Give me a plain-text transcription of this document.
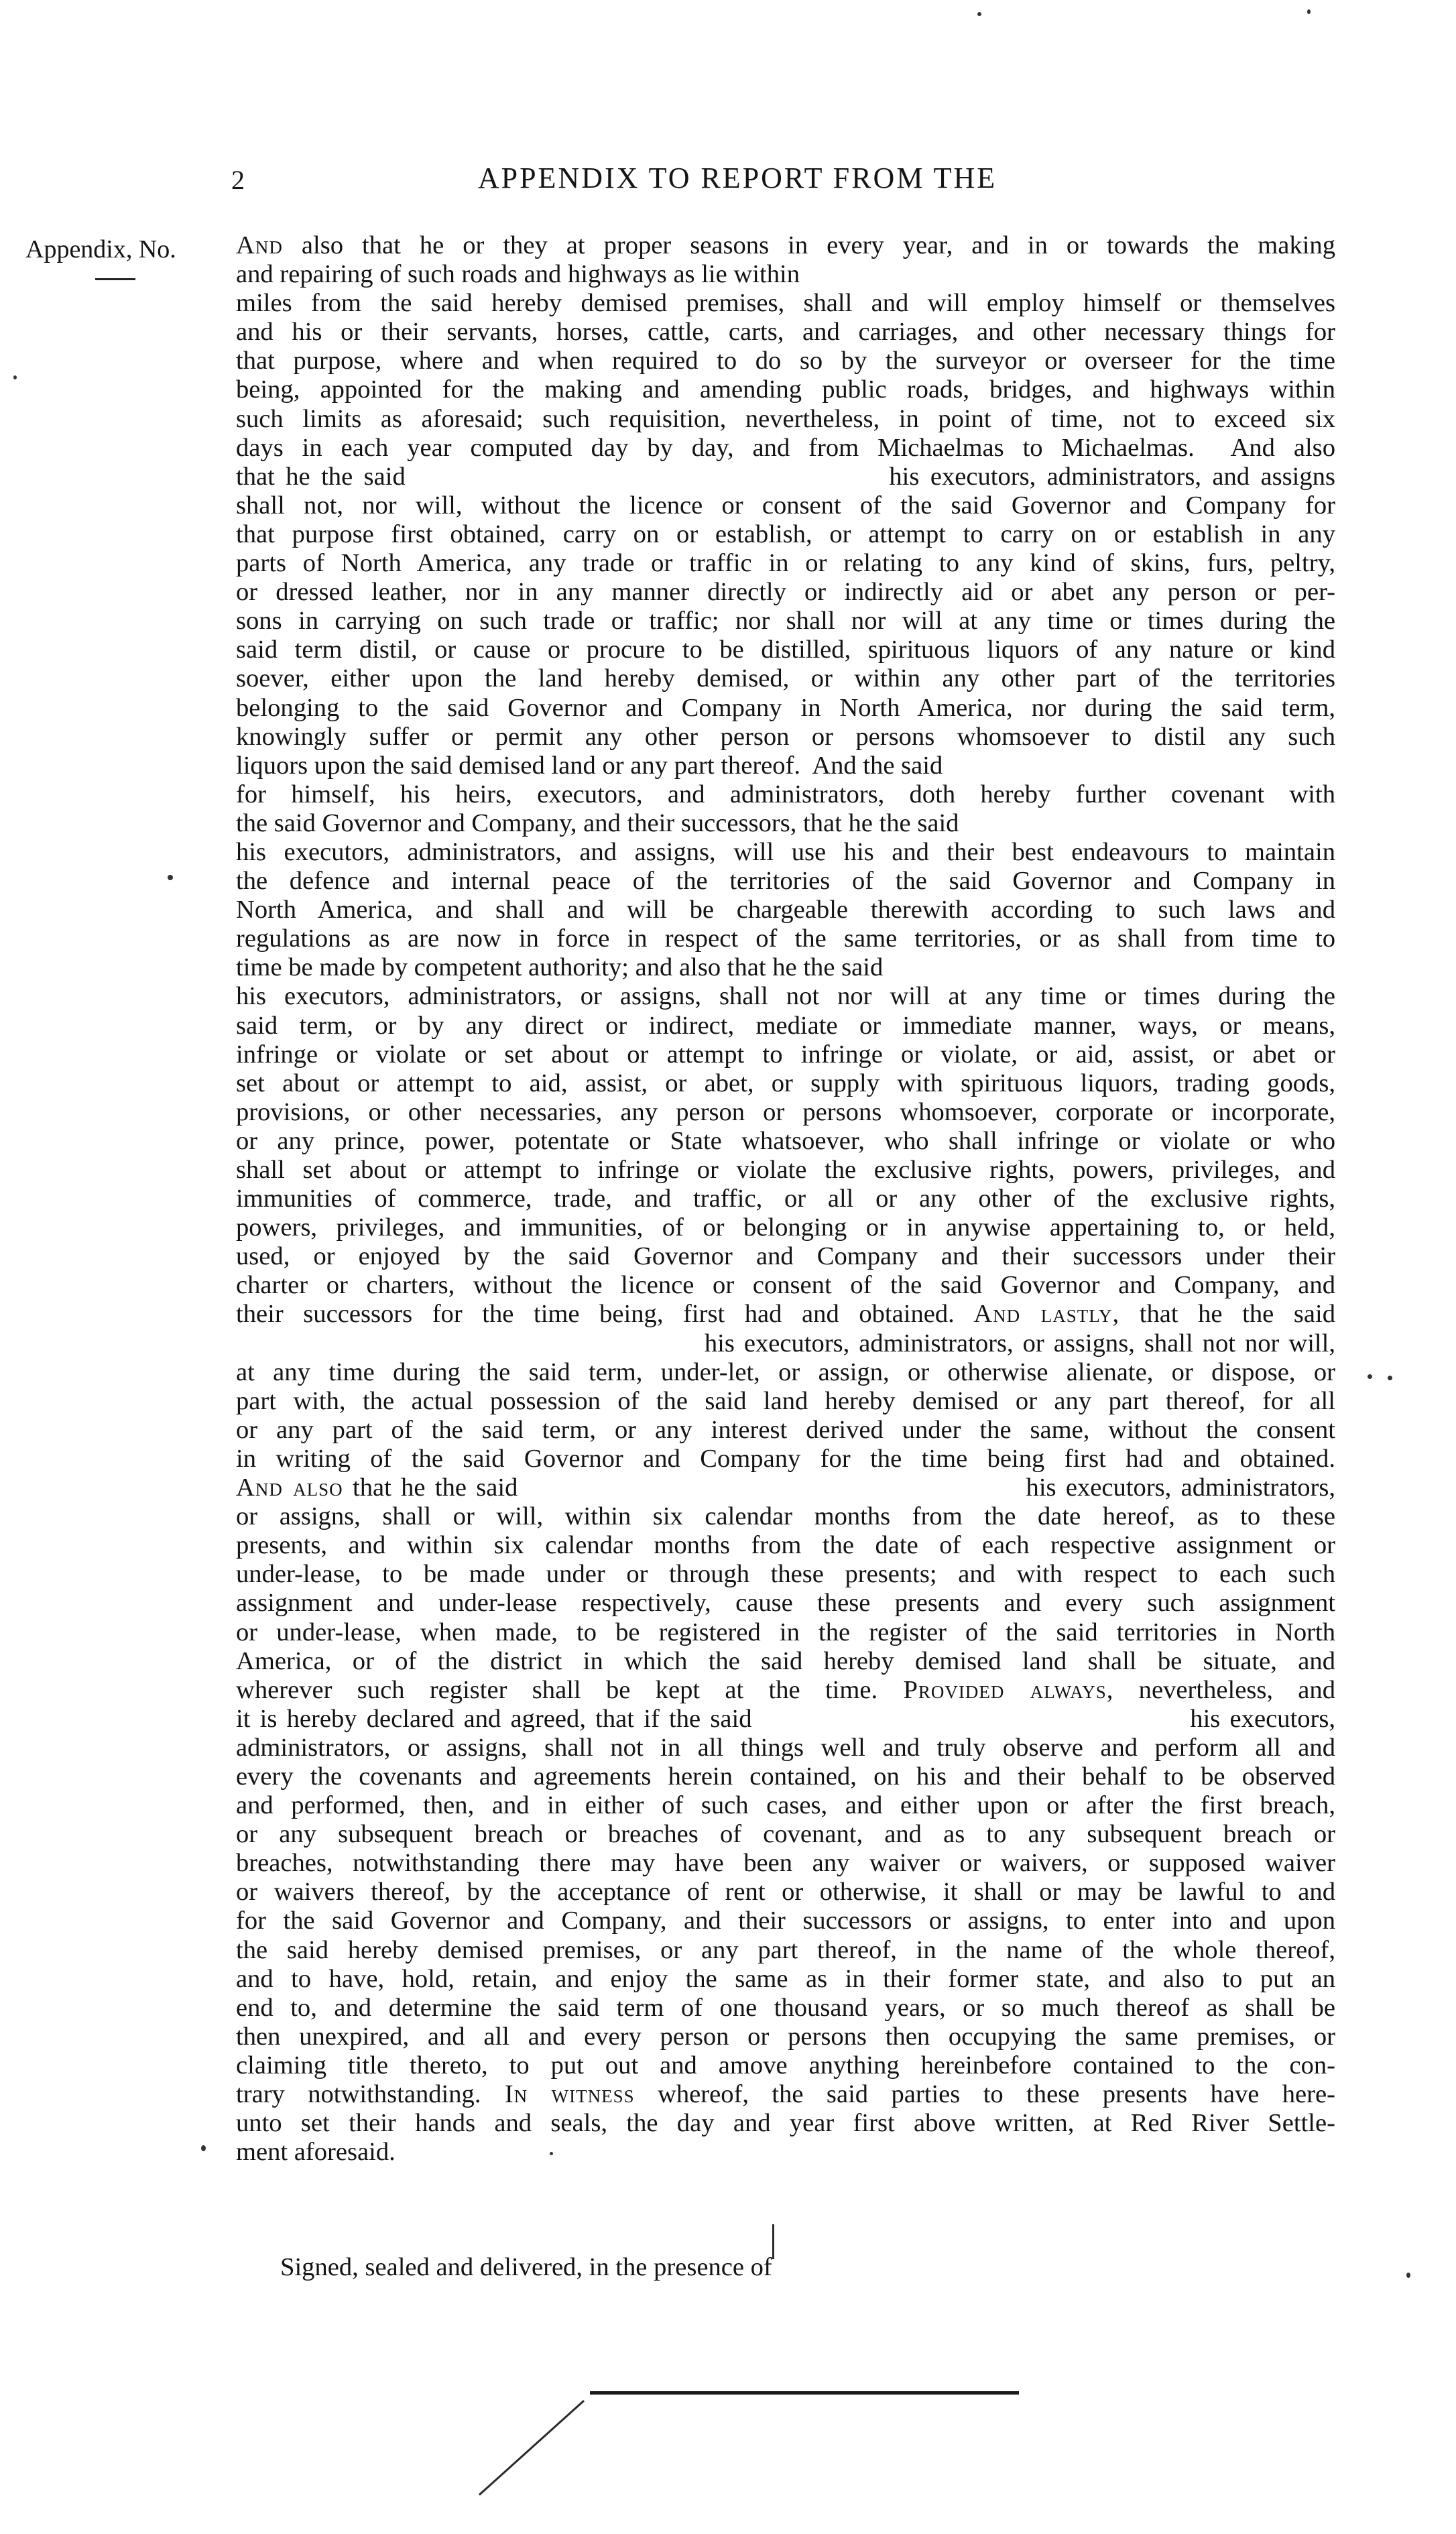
2	APPENDIX TO REPORT FROM THE
Appendix, No. And also that he or they at proper seasons in every year, and in or towards the making
and repairing of such roads and highways as lie within
miles from the said hereby demised premises, shall and will employ himself or themselves
and his or their servants, horses, cattle, carts, and carriages, and other necessary things for
that purpose, where and when required to do so by the surveyor or overseer for the time
being, appointed for the making and amending public roads, bridges, and highways within
such limits as aforesaid; such requisition, nevertheless, in point of time, not to exceed six
days in each year computed day by day, and from Michaelmas to Michaelmas.  And also
that he the said                                            his executors, administrators, and assigns
shall not, nor will, without the licence or consent of the said Governor and Company for
that purpose first obtained, carry on or establish, or attempt to carry on or establish in any
parts of North America, any trade or traffic in or relating to any kind of skins, furs, peltry,
or dressed leather, nor in any manner directly or indirectly aid or abet any person or per-
sons in carrying on such trade or traffic; nor shall nor will at any time or times during the
said term distil, or cause or procure to be distilled, spirituous liquors of any nature or kind
soever, either upon the land hereby demised, or within any other part of the territories
belonging to the said Governor and Company in North America, nor during the said term,
knowingly suffer or permit any other person or persons whomsoever to distil any such
liquors upon the said demised land or any part thereof.  And the said
for himself, his heirs, executors, and administrators, doth hereby further covenant with
the said Governor and Company, and their successors, that he the said
his executors, administrators, and assigns, will use his and their best endeavours to maintain
the defence and internal peace of the territories of the said Governor and Company in
North America, and shall and will be chargeable therewith according to such laws and
regulations as are now in force in respect of the same territories, or as shall from time to
time be made by competent authority; and also that he the said
his executors, administrators, or assigns, shall not nor will at any time or times during the
said term, or by any direct or indirect, mediate or immediate manner, ways, or means,
infringe or violate or set about or attempt to infringe or violate, or aid, assist, or abet or
set about or attempt to aid, assist, or abet, or supply with spirituous liquors, trading goods,
provisions, or other necessaries, any person or persons whomsoever, corporate or incorporate,
or any prince, power, potentate or State whatsoever, who shall infringe or violate or who
shall set about or attempt to infringe or violate the exclusive rights, powers, privileges, and
immunities of commerce, trade, and traffic, or all or any other of the exclusive rights,
powers, privileges, and immunities, of or belonging or in anywise appertaining to, or held,
used, or enjoyed by the said Governor and Company and their successors under their
charter or charters, without the licence or consent of the said Governor and Company, and
their successors for the time being, first had and obtained. And lastly, that he the said
his executors, administrators, or assigns, shall not nor will,
at any time during the said term, under-let, or assign, or otherwise alienate, or dispose, or
part with, the actual possession of the said land hereby demised or any part thereof, for all
or any part of the said term, or any interest derived under the same, without the consent
in writing of the said Governor and Company for the time being first had and obtained.
And also that he the said                                                     his executors, administrators,
or assigns, shall or will, within six calendar months from the date hereof, as to these
presents, and within six calendar months from the date of each respective assignment or
under-lease, to be made under or through these presents; and with respect to each such
assignment and under-lease respectively, cause these presents and every such assignment
or under-lease, when made, to be registered in the register of the said territories in North
America, or of the district in which the said hereby demised land shall be situate, and
wherever such register shall be kept at the time. Provided always, nevertheless, and
it is hereby declared and agreed, that if the said                                              his executors,
administrators, or assigns, shall not in all things well and truly observe and perform all and
every the covenants and agreements herein contained, on his and their behalf to be observed
and performed, then, and in either of such cases, and either upon or after the first breach,
or any subsequent breach or breaches of covenant, and as to any subsequent breach or
breaches, notwithstanding there may have been any waiver or waivers, or supposed waiver
or waivers thereof, by the acceptance of rent or otherwise, it shall or may be lawful to and
for the said Governor and Company, and their successors or assigns, to enter into and upon
the said hereby demised premises, or any part thereof, in the name of the whole thereof,
and to have, hold, retain, and enjoy the same as in their former state, and also to put an
end to, and determine the said term of one thousand years, or so much thereof as shall be
then unexpired, and all and every person or persons then occupying the same premises, or
claiming title thereto, to put out and amove anything hereinbefore contained to the con-
trary notwithstanding. In witness whereof, the said parties to these presents have here-
unto set their hands and seals, the day and year first above written, at Red River Settle-
ment aforesaid.
Signed, sealed and delivered, in the presence of
